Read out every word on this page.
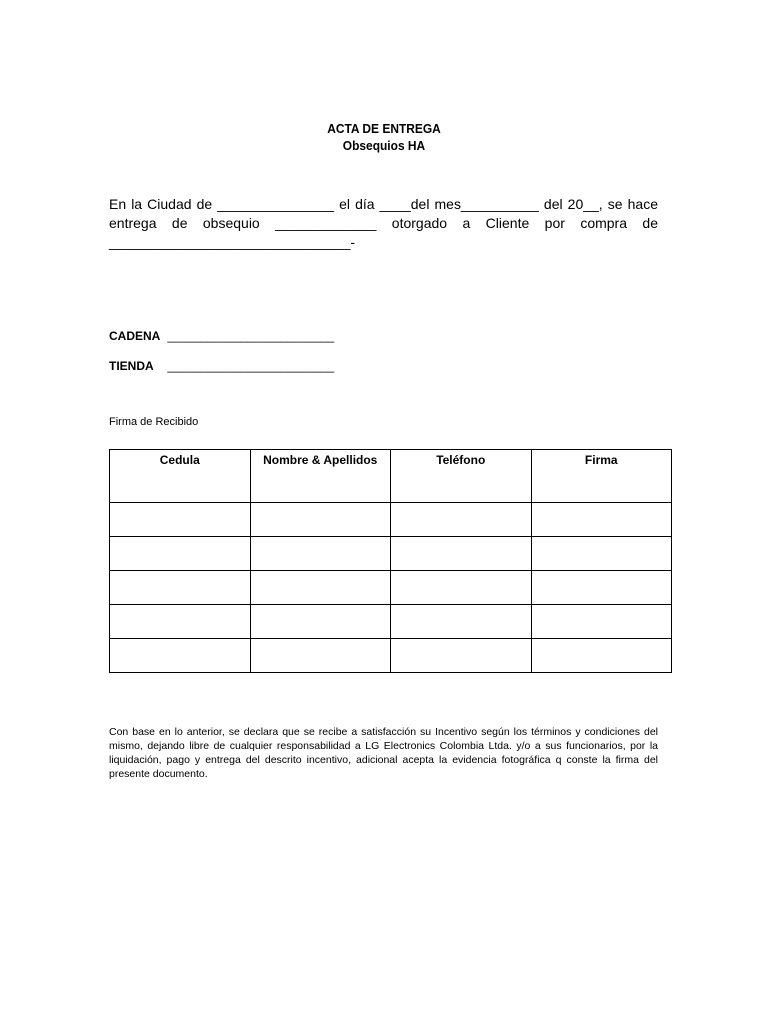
ACTA DE ENTREGA
Obsequios HA
En la Ciudad de _______________ el día ____del mes__________ del 20__, se hace
entrega de obsequio _____________ otorgado a Cliente por compra de
_______________________________-
CADENA _________________________
TIENDA _________________________
Firma de Recibido
Cedula	Nombre & Apellidos	Teléfono	Firma

Con base en lo anterior, se declara que se recibe a satisfacción su Incentivo según los términos y condiciones del mismo, dejando libre de cualquier responsabilidad a LG Electronics Colombia Ltda. y/o a sus funcionarios, por la liquidación, pago y entrega del descrito incentivo, adicional acepta la evidencia fotográfica q conste la firma del presente documento.
